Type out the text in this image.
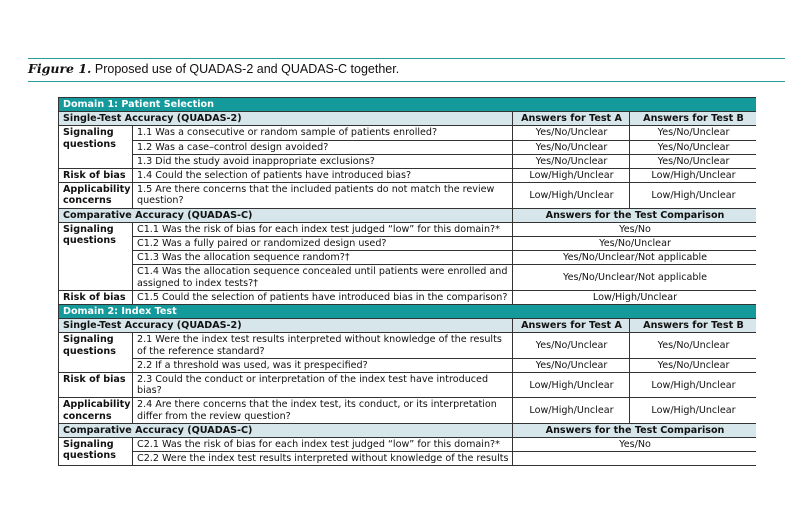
Figure 1. Proposed use of QUADAS-2 and QUADAS-C together.
Domain 1: Patient Selection			
Single-Test Accuracy (QUADAS-2)		Answers for Test A	Answers for Test B
Signaling questions	1.1 Was a consecutive or random sample of patients enrolled?	Yes/No/Unclear	Yes/No/Unclear
	1.2 Was a case–control design avoided?	Yes/No/Unclear	Yes/No/Unclear
	1.3 Did the study avoid inappropriate exclusions?	Yes/No/Unclear	Yes/No/Unclear
Risk of bias	1.4 Could the selection of patients have introduced bias?	Low/High/Unclear	Low/High/Unclear
Applicability concerns	1.5 Are there concerns that the included patients do not match the review question?	Low/High/Unclear	Low/High/Unclear
Comparative Accuracy (QUADAS-C)		Answers for the Test Comparison	
Signaling questions	C1.1 Was the risk of bias for each index test judged “low” for this domain?*	Yes/No	
	C1.2 Was a fully paired or randomized design used?	Yes/No/Unclear	
	C1.3 Was the allocation sequence random?†	Yes/No/Unclear/Not applicable	
	C1.4 Was the allocation sequence concealed until patients were enrolled and assigned to index tests?†	Yes/No/Unclear/Not applicable	
Risk of bias	C1.5 Could the selection of patients have introduced bias in the comparison?	Low/High/Unclear	
Domain 2: Index Test			
Single-Test Accuracy (QUADAS-2)		Answers for Test A	Answers for Test B
Signaling questions	2.1 Were the index test results interpreted without knowledge of the results of the reference standard?	Yes/No/Unclear	Yes/No/Unclear
	2.2 If a threshold was used, was it prespecified?	Yes/No/Unclear	Yes/No/Unclear
Risk of bias	2.3 Could the conduct or interpretation of the index test have introduced bias?	Low/High/Unclear	Low/High/Unclear
Applicability concerns	2.4 Are there concerns that the index test, its conduct, or its interpretation differ from the review question?	Low/High/Unclear	Low/High/Unclear
Comparative Accuracy (QUADAS-C)		Answers for the Test Comparison	
Signaling questions	C2.1 Was the risk of bias for each index test judged “low” for this domain?*	Yes/No	
	C2.2 Were the index test results interpreted without knowledge of the results		
